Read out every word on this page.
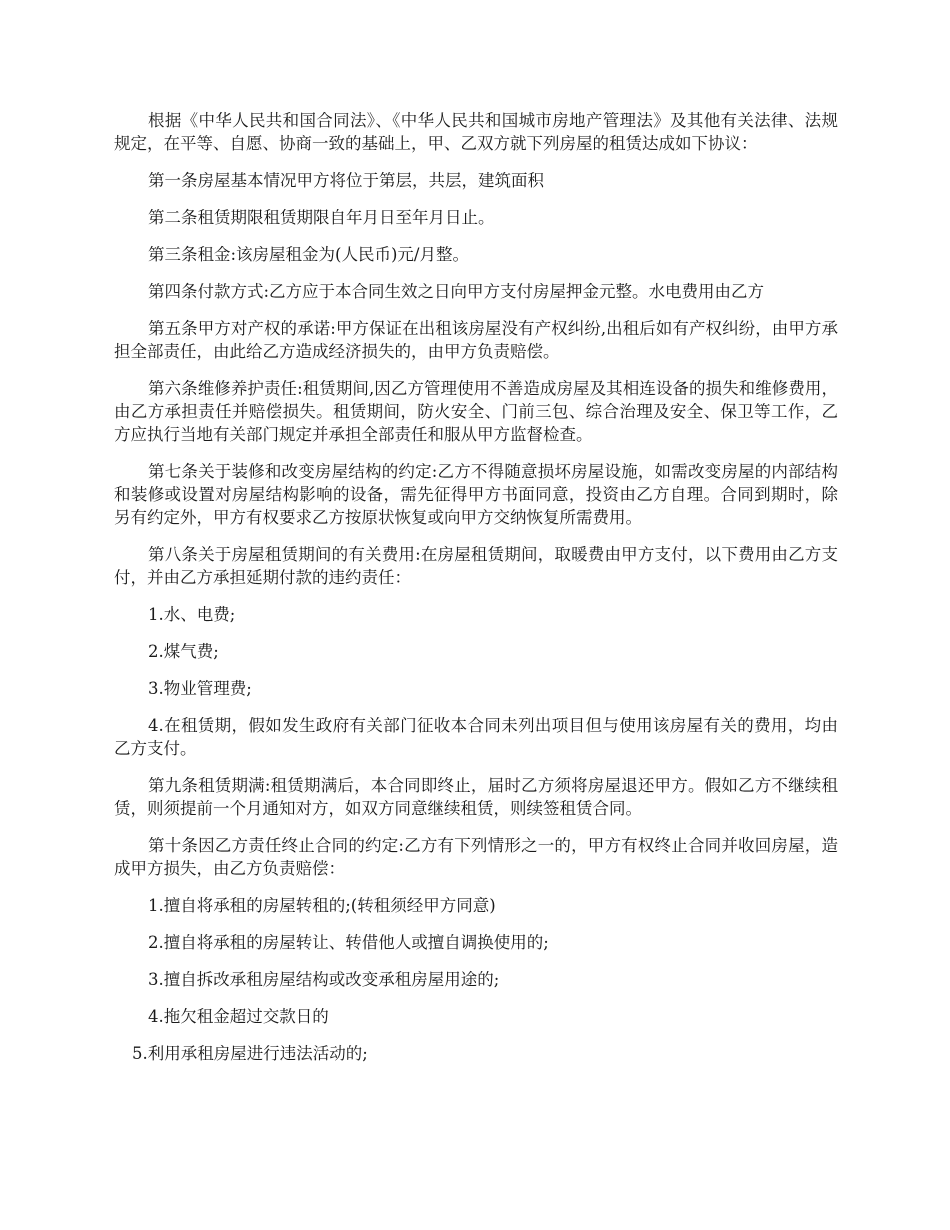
根据《中华人民共和国合同法》、《中华人民共和国城市房地产管理法》及其他有关法律、法规规定，在平等、自愿、协商一致的基础上，甲、乙双方就下列房屋的租赁达成如下协议：

第一条房屋基本情况甲方将位于第层，共层，建筑面积

第二条租赁期限租赁期限自年月日至年月日止。

第三条租金:该房屋租金为(人民币)元/月整。

第四条付款方式:乙方应于本合同生效之日向甲方支付房屋押金元整。水电费用由乙方

第五条甲方对产权的承诺:甲方保证在出租该房屋没有产权纠纷,出租后如有产权纠纷，由甲方承担全部责任，由此给乙方造成经济损失的，由甲方负责赔偿。

第六条维修养护责任:租赁期间,因乙方管理使用不善造成房屋及其相连设备的损失和维修费用，由乙方承担责任并赔偿损失。租赁期间，防火安全、门前三包、综合治理及安全、保卫等工作，乙方应执行当地有关部门规定并承担全部责任和服从甲方监督检查。

第七条关于装修和改变房屋结构的约定:乙方不得随意损坏房屋设施，如需改变房屋的内部结构和装修或设置对房屋结构影响的设备，需先征得甲方书面同意，投资由乙方自理。合同到期时，除另有约定外，甲方有权要求乙方按原状恢复或向甲方交纳恢复所需费用。

第八条关于房屋租赁期间的有关费用:在房屋租赁期间，取暖费由甲方支付，以下费用由乙方支付，并由乙方承担延期付款的违约责任：

1.水、电费;

2.煤气费;

3.物业管理费;

4.在租赁期，假如发生政府有关部门征收本合同未列出项目但与使用该房屋有关的费用，均由乙方支付。

第九条租赁期满:租赁期满后，本合同即终止，届时乙方须将房屋退还甲方。假如乙方不继续租赁，则须提前一个月通知对方，如双方同意继续租赁，则续签租赁合同。

第十条因乙方责任终止合同的约定:乙方有下列情形之一的，甲方有权终止合同并收回房屋，造成甲方损失，由乙方负责赔偿：

1.擅自将承租的房屋转租的;(转租须经甲方同意)

2.擅自将承租的房屋转让、转借他人或擅自调换使用的;

3.擅自拆改承租房屋结构或改变承租房屋用途的;

4.拖欠租金超过交款日的

5.利用承租房屋进行违法活动的;
